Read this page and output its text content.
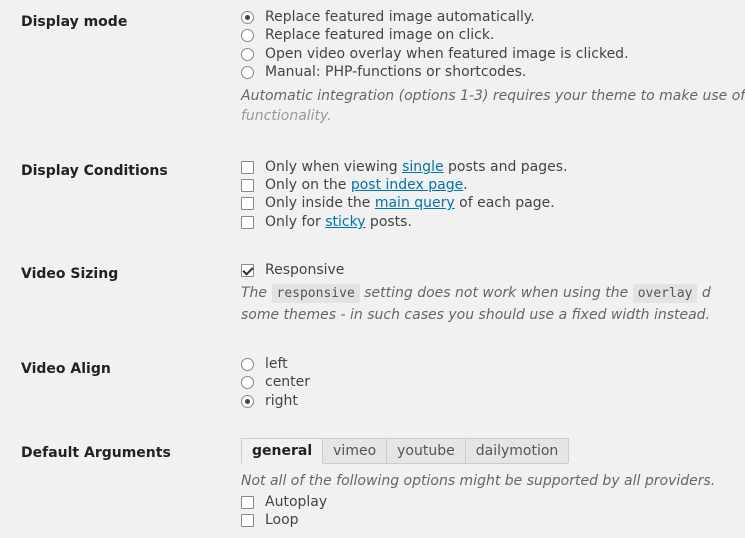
Display mode	Replace featured image automatically.
Replace featured image on click.
Open video overlay when featured image is clicked.
Manual: PHP-functions or shortcodes.
Automatic integration (options 1-3) requires your theme to make use of
functionality.
Display Conditions	Only when viewing single posts and pages.
Only on the post index page.
Only inside the main query of each page.
Only for sticky posts.
Video Sizing	Responsive
The responsive setting does not work when using the overlay d
some themes - in such cases you should use a fixed width instead.
Video Align	left
center
right
Default Arguments	general	vimeo	youtube	dailymotion
Not all of the following options might be supported by all providers.
Autoplay
Loop
